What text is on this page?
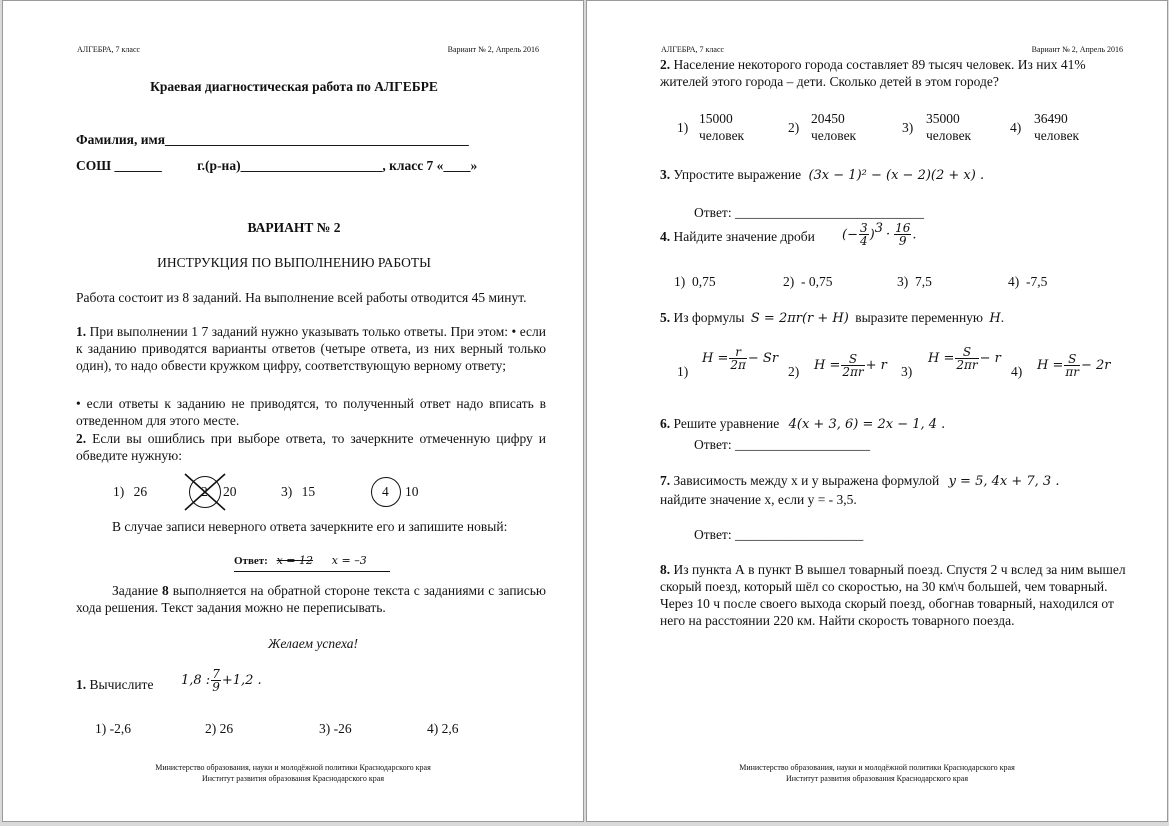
АЛГЕБРА, 7 класс	Вариант № 2, Апрель 2016
Краевая диагностическая работа по АЛГЕБРЕ
Фамилия, имя_____________________________________________
СОШ _______	г.(р-на)_____________________, класс 7 «____»
ВАРИАНТ № 2
ИНСТРУКЦИЯ ПО ВЫПОЛНЕНИЮ РАБОТЫ
Работа состоит из 8 заданий. На выполнение всей работы отводится 45 минут.
1. При выполнении 1 7 заданий нужно указывать только ответы. При этом: • если к заданию приводятся варианты ответов (четыре ответа, из них верный только один), то надо обвести кружком цифру, соответствующую верному ответу;
• если ответы к заданию не приводятся, то полученный ответ надо вписать в отведенном для этого месте.
2. Если вы ошиблись при выборе ответа, то зачеркните отмеченную цифру и обведите нужную:
1) 26	2 20	3) 15	4 10
В случае записи неверного ответа зачеркните его и запишите новый:
Ответ: x = 12 x = –3
Задание 8 выполняется на обратной стороне текста с заданиями с записью хода решения. Текст задания можно не переписывать.
Желаем успеха!
1. Вычислите 1,8 : $\frac{7}{9} +1,2$ .
1) -2,6	2) 26	3) -26	4) 2,6
Министерство образования, науки и молодёжной политики Краснодарского края
Институт развития образования Краснодарского края
АЛГЕБРА, 7 класс	Вариант № 2, Апрель 2016
2. Население некоторого города составляет 89 тысяч человек. Из них 41% жителей этого города – дети. Сколько детей в этом городе?
1)
15000
человек
2)
20450
человек
3)
35000
человек
4)
36490
человек
3. Упростите выражение (3x − 1)² − (x − 2)(2 + x) .
Ответ: ____________________________
4. Найдите значение дроби (− $\frac{3}{4} )^3 \cdot \frac{16}{9}$ .
1) 0,75	2) - 0,75	3) 7,5	4) -7,5
5. Из формулы S = 2πr(r + H) выразите переменную H.
1)
$H = \frac{r}{2\pi} - Sr$
2) $H = \frac{S}{2\pi r} + r$ 3)
$H = \frac{S}{2\pi r} - r$
4) $H = \frac{S}{\pi r} - 2r$
6. Решите уравнение 4(x + 3, 6) = 2x − 1, 4 .
Ответ: ____________________
7. Зависимость между x и y выражена формулой y = 5, 4x + 7, 3 .
найдите значение x, если y = - 3,5.
Ответ: ___________________
8. Из пункта А в пункт В вышел товарный поезд. Спустя 2 ч вслед за ним вышел скорый поезд, который шёл со скоростью, на 30 км\ч большей, чем товарный. Через 10 ч после своего выхода скорый поезд, обогнав товарный, находился от него на расстоянии 220 км. Найти скорость товарного поезда.
Министерство образования, науки и молодёжной политики Краснодарского края
Институт развития образования Краснодарского края
